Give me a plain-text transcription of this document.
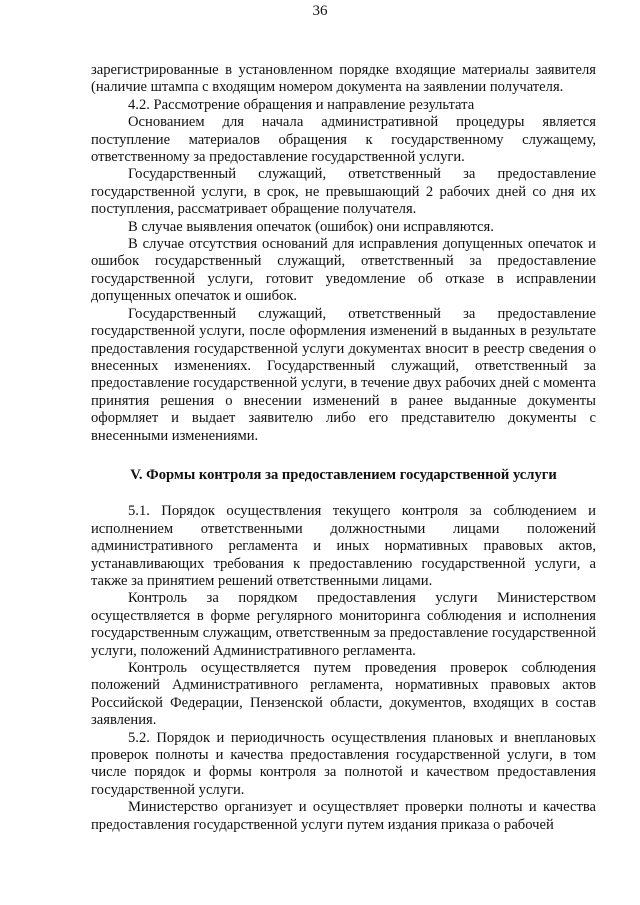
36

зарегистрированные в установленном порядке входящие материалы заявителя (наличие штампа с входящим номером документа на заявлении получателя.

4.2. Рассмотрение обращения и направление результата

Основанием для начала административной процедуры является поступление материалов обращения к государственному служащему, ответственному за предоставление государственной услуги.

Государственный служащий, ответственный за предоставление государственной услуги, в срок, не превышающий 2 рабочих дней со дня их поступления, рассматривает обращение получателя.

В случае выявления опечаток (ошибок) они исправляются.

В случае отсутствия оснований для исправления допущенных опечаток и ошибок государственный служащий, ответственный за предоставление государственной услуги, готовит уведомление об отказе в исправлении допущенных опечаток и ошибок.

Государственный служащий, ответственный за предоставление государственной услуги, после оформления изменений в выданных в результате предоставления государственной услуги документах вносит в реестр сведения о внесенных изменениях. Государственный служащий, ответственный за предоставление государственной услуги, в течение двух рабочих дней с момента принятия решения о внесении изменений в ранее выданные документы оформляет и выдает заявителю либо его представителю документы с внесенными изменениями.

V. Формы контроля за предоставлением государственной услуги

5.1. Порядок осуществления текущего контроля за соблюдением и исполнением ответственными должностными лицами положений административного регламента и иных нормативных правовых актов, устанавливающих требования к предоставлению государственной услуги, а также за принятием решений ответственными лицами.

Контроль за порядком предоставления услуги Министерством осуществляется в форме регулярного мониторинга соблюдения и исполнения государственным служащим, ответственным за предоставление государственной услуги, положений Административного регламента.

Контроль осуществляется путем проведения проверок соблюдения положений Административного регламента, нормативных правовых актов Российской Федерации, Пензенской области, документов, входящих в состав заявления.

5.2. Порядок и периодичность осуществления плановых и внеплановых проверок полноты и качества предоставления государственной услуги, в том числе порядок и формы контроля за полнотой и качеством предоставления государственной услуги.

Министерство организует и осуществляет проверки полноты и качества предоставления государственной услуги путем издания приказа о рабочей
